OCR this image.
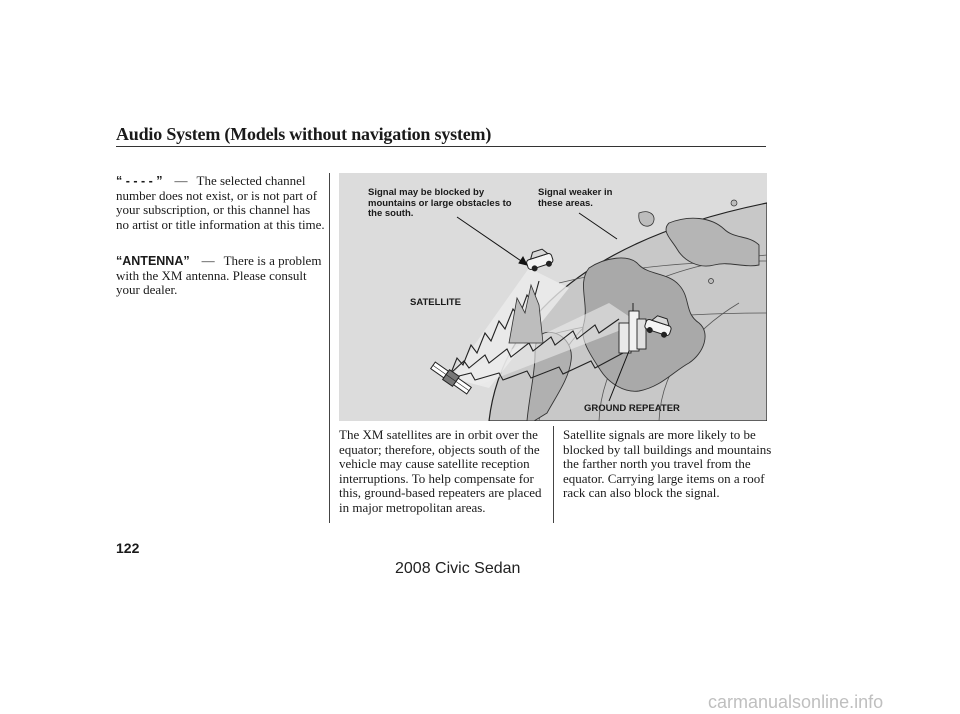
Audio System (Models without navigation system)
“ - - - - ” — The selected channel number does not exist, or is not part of your subscription, or this channel has no artist or title information at this time.
“ANTENNA” — There is a problem with the XM antenna. Please consult your dealer.
Signal may be blocked by mountains or large obstacles to the south.
Signal weaker in these areas.
SATELLITE
GROUND REPEATER
The XM satellites are in orbit over the equator; therefore, objects south of the vehicle may cause satellite reception interruptions. To help compensate for this, ground-based repeaters are placed in major metropolitan areas.
Satellite signals are more likely to be blocked by tall buildings and mountains the farther north you travel from the equator. Carrying large items on a roof rack can also block the signal.
122
2008 Civic Sedan
carmanualsonline.info
